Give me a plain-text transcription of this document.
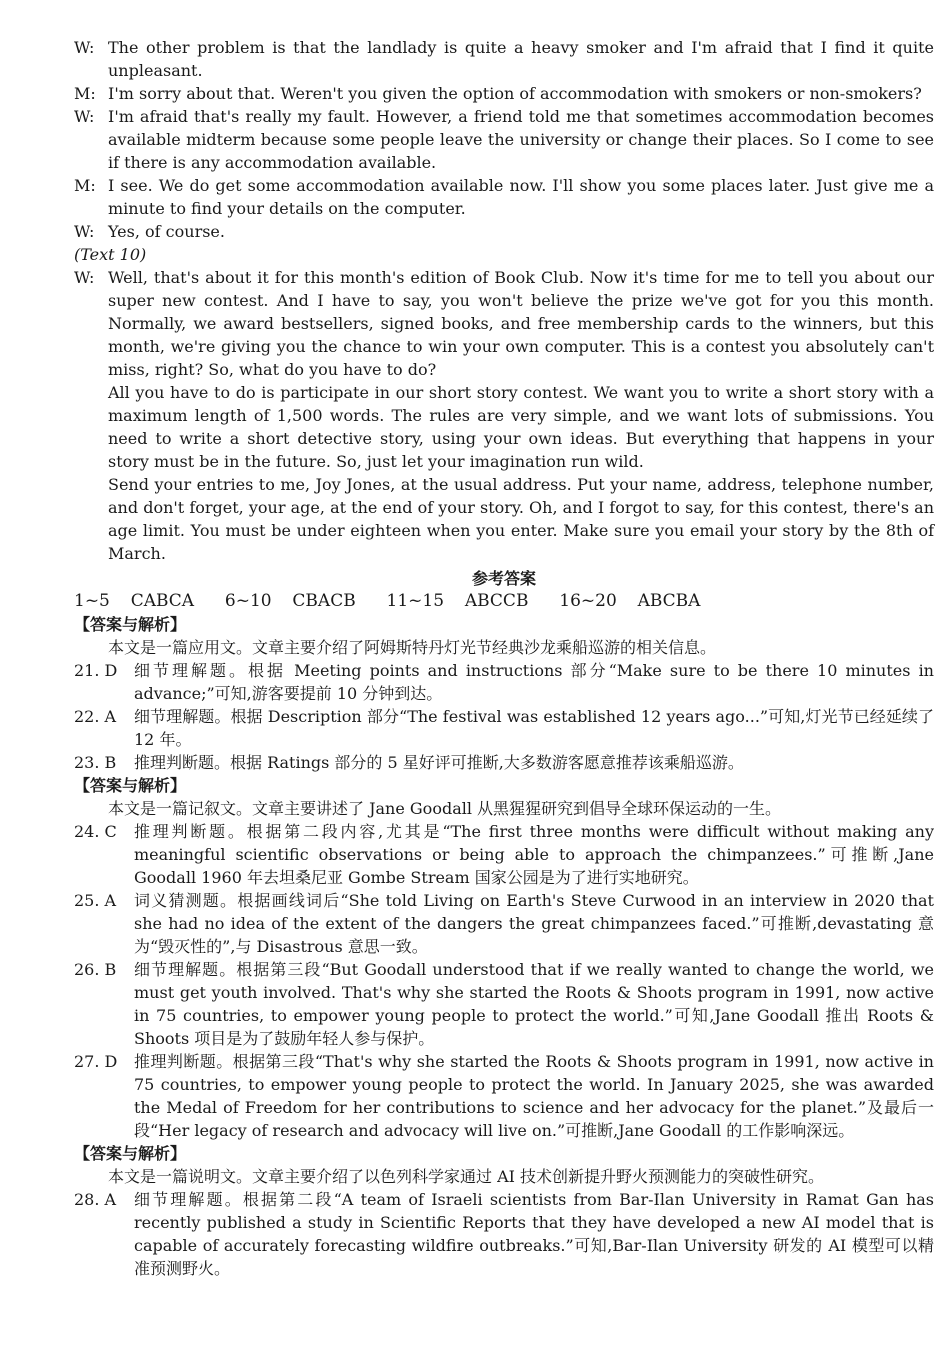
W: The other problem is that the landlady is quite a heavy smoker and I'm afraid that I find it quite unpleasant.
M: I'm sorry about that. Weren't you given the option of accommodation with smokers or non-smokers?
W: I'm afraid that's really my fault. However, a friend told me that sometimes accommodation becomes available midterm because some people leave the university or change their places. So I come to see if there is any accommodation available.
M: I see. We do get some accommodation available now. I'll show you some places later. Just give me a minute to find your details on the computer.
W: Yes, of course.
(Text 10)
W: Well, that's about it for this month's edition of Book Club. Now it's time for me to tell you about our super new contest. And I have to say, you won't believe the prize we've got for you this month. Normally, we award bestsellers, signed books, and free membership cards to the winners, but this month, we're giving you the chance to win your own computer. This is a contest you absolutely can't miss, right? So, what do you have to do?

All you have to do is participate in our short story contest. We want you to write a short story with a maximum length of 1,500 words. The rules are very simple, and we want lots of submissions. You need to write a short detective story, using your own ideas. But everything that happens in your story must be in the future. So, just let your imagination run wild.

Send your entries to me, Joy Jones, at the usual address. Put your name, address, telephone number, and don't forget, your age, at the end of your story. Oh, and I forgot to say, for this contest, there's an age limit. You must be under eighteen when you enter. Make sure you email your story by the 8th of March.

参考答案
1~5 CABCA 6~10 CBACB 11~15 ABCCB 16~20 ABCBA
【答案与解析】

本文是一篇应用文。文章主要介绍了阿姆斯特丹灯光节经典沙龙乘船巡游的相关信息。

21. D	细节理解题。根据 Meeting points and instructions 部分“Make sure to be there 10 minutes in advance;”可知,游客要提前 10 分钟到达。
22. A	细节理解题。根据 Description 部分“The festival was established 12 years ago...”可知,灯光节已经延续了 12 年。
23. B	推理判断题。根据 Ratings 部分的 5 星好评可推断,大多数游客愿意推荐该乘船巡游。
【答案与解析】

本文是一篇记叙文。文章主要讲述了 Jane Goodall 从黑猩猩研究到倡导全球环保运动的一生。

24. C	推理判断题。根据第二段内容,尤其是“The first three months were difficult without making any meaningful scientific observations or being able to approach the chimpanzees.”可推断,Jane Goodall 1960 年去坦桑尼亚 Gombe Stream 国家公园是为了进行实地研究。
25. A	词义猜测题。根据画线词后“She told Living on Earth's Steve Curwood in an interview in 2020 that she had no idea of the extent of the dangers the great chimpanzees faced.”可推断,devastating 意为“毁灭性的”,与 Disastrous 意思一致。
26. B	细节理解题。根据第三段“But Goodall understood that if we really wanted to change the world, we must get youth involved. That's why she started the Roots & Shoots program in 1991, now active in 75 countries, to empower young people to protect the world.”可知,Jane Goodall 推出 Roots & Shoots 项目是为了鼓励年轻人参与保护。
27. D	推理判断题。根据第三段“That's why she started the Roots & Shoots program in 1991, now active in 75 countries, to empower young people to protect the world. In January 2025, she was awarded the Medal of Freedom for her contributions to science and her advocacy for the planet.”及最后一段“Her legacy of research and advocacy will live on.”可推断,Jane Goodall 的工作影响深远。
【答案与解析】

本文是一篇说明文。文章主要介绍了以色列科学家通过 AI 技术创新提升野火预测能力的突破性研究。

28. A	细节理解题。根据第二段“A team of Israeli scientists from Bar-Ilan University in Ramat Gan has recently published a study in Scientific Reports that they have developed a new AI model that is capable of accurately forecasting wildfire outbreaks.”可知,Bar-Ilan University 研发的 AI 模型可以精准预测野火。
